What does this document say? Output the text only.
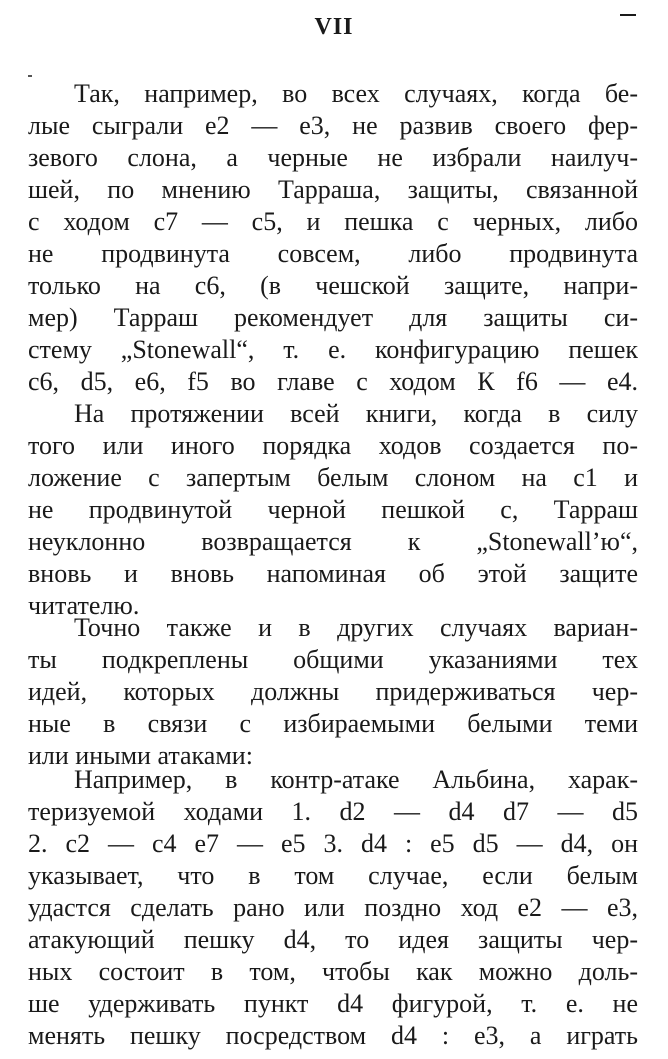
VII
Так, например, во всех случаях, когда бе-
лые сыграли е2 — е3, не развив своего фер-
зевого слона, а черные не избрали наилуч-
шей, по мнению Тарраша, защиты, связанной
с ходом с7 — с5, и пешка с черных, либо
не продвинута совсем, либо продвинута
только на с6, (в чешской защите, напри-
мер) Тарраш рекомендует для защиты си-
стему „Stonewall“, т. е. конфигурацию пешек
с6, d5, е6, f5 во главе с ходом К f6 — е4.
На протяжении всей книги, когда в силу
того или иного порядка ходов создается по-
ложение с запертым белым слоном на с1 и
не продвинутой черной пешкой с, Тарраш
неуклонно возвращается к „Stonewall’ю“,
вновь и вновь напоминая об этой защите
читателю.
Точно также и в других случаях вариан-
ты подкреплены общими указаниями тех
идей, которых должны придерживаться чер-
ные в связи с избираемыми белыми теми
или иными атаками:
Например, в контр-атаке Альбина, харак-
теризуемой ходами 1. d2 — d4 d7 — d5
2. с2 — с4 е7 — е5 3. d4 : е5 d5 — d4, он
указывает, что в том случае, если белым
удастся сделать рано или поздно ход е2 — е3,
атакующий пешку d4, то идея защиты чер-
ных состоит в том, чтобы как можно доль-
ше удерживать пункт d4 фигурой, т. е. не
менять пешку посредством d4 : е3, а играть
